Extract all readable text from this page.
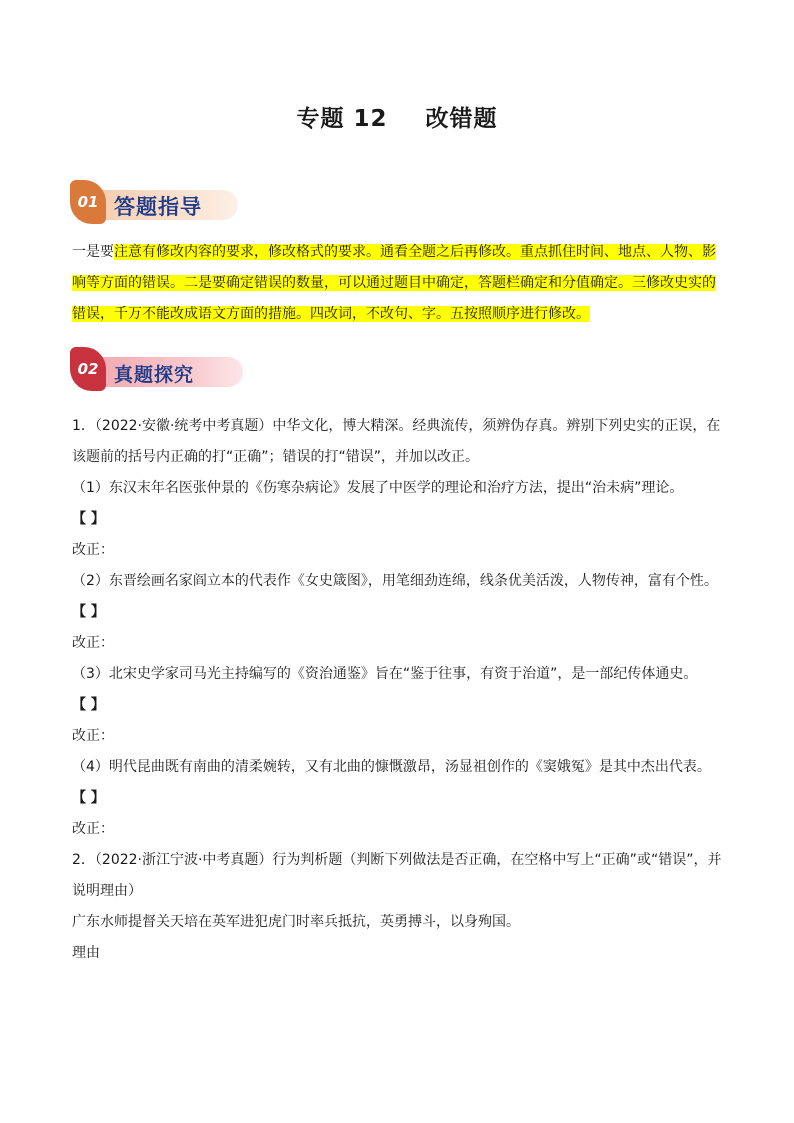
专题 12 改错题
01 答题指导
一是要注意有修改内容的要求，修改格式的要求。通看全题之后再修改。重点抓住时间、地点、人物、影响等方面的错误。二是要确定错误的数量，可以通过题目中确定，答题栏确定和分值确定。三修改史实的错误，千万不能改成语文方面的措施。四改词，不改句、字。五按照顺序进行修改。
02 真题探究
1．（2022·安徽·统考中考真题）中华文化，博大精深。经典流传，须辨伪存真。辨别下列史实的正误，在该题前的括号内正确的打“正确”；错误的打“错误”，并加以改正。
（1）东汉末年名医张仲景的《伤寒杂病论》发展了中医学的理论和治疗方法，提出“治未病”理论。
【 】
改正：
（2）东晋绘画名家阎立本的代表作《女史箴图》，用笔细劲连绵，线条优美活泼，人物传神，富有个性。
【 】
改正：
（3）北宋史学家司马光主持编写的《资治通鉴》旨在“鉴于往事，有资于治道”，是一部纪传体通史。
【 】
改正：
（4）明代昆曲既有南曲的清柔婉转，又有北曲的慷慨激昂，汤显祖创作的《窦娥冤》是其中杰出代表。
【 】
改正：
2．（2022·浙江宁波·中考真题）行为判析题（判断下列做法是否正确，在空格中写上“正确”或“错误”，并说明理由）
广东水师提督关天培在英军进犯虎门时率兵抵抗，英勇搏斗，以身殉国。
理由
